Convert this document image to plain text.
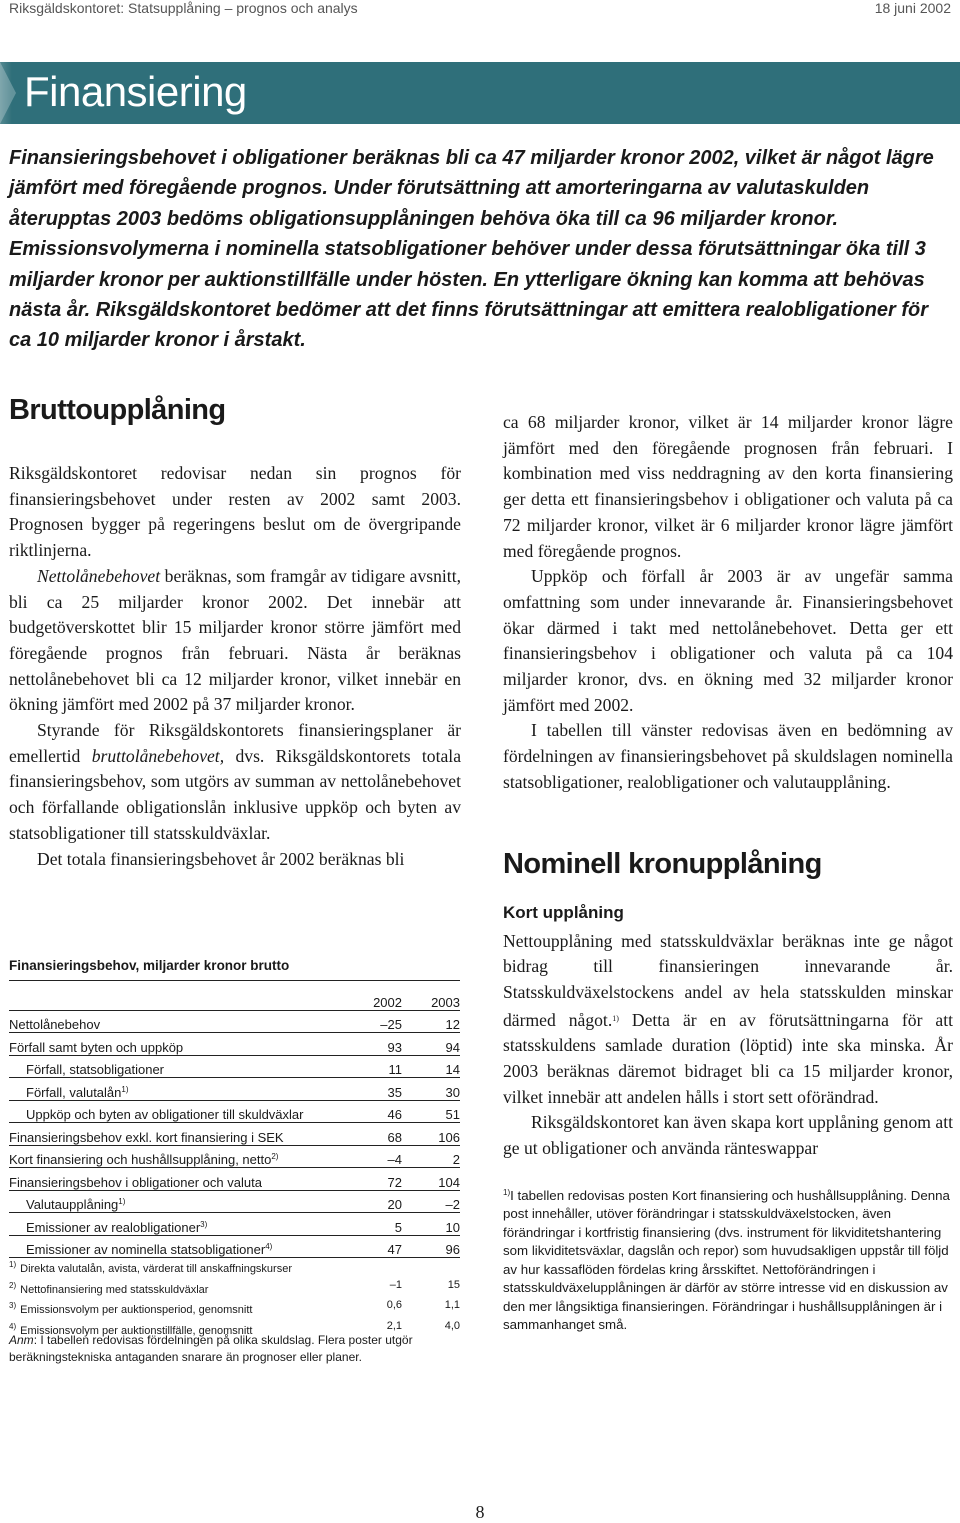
Riksgäldskontoret: Statsupplåning – prognos och analys	18 juni 2002
Finansiering

Finansieringsbehovet i obligationer beräknas bli ca 47 miljarder kronor 2002, vilket är något lägre jämfört med föregående prognos. Under förutsättning att amorteringarna av valutaskulden återupptas 2003 bedöms obligationsupplåningen behöva öka till ca 96 miljarder kronor. Emissionsvolymerna i nominella statsobligationer behöver under dessa förutsättningar öka till 3 miljarder kronor per auktionstillfälle under hösten. En ytterligare ökning kan komma att behövas nästa år. Riksgäldskontoret bedömer att det finns förutsättningar att emittera realobligationer för ca 10 miljarder kronor i årstakt.

Bruttoupplåning

Riksgäldskontoret redovisar nedan sin prognos för finansieringsbehovet under resten av 2002 samt 2003. Prognosen bygger på regeringens beslut om de övergripande riktlinjerna.

Nettolånebehovet beräknas, som framgår av tidigare avsnitt, bli ca 25 miljarder kronor 2002. Det innebär att budgetöverskottet blir 15 miljarder kronor större jämfört med föregående prognos från februari. Nästa år beräknas nettolånebehovet bli ca 12 miljarder kronor, vilket innebär en ökning jämfört med 2002 på 37 miljarder kronor.

Styrande för Riksgäldskontorets finansieringsplaner är emellertid bruttolånebehovet, dvs. Riksgäldskontorets totala finansieringsbehov, som utgörs av summan av nettolånebehovet och förfallande obligationslån inklusive uppköp och byten av statsobligationer till statsskuldväxlar.

Det totala finansieringsbehovet år 2002 beräknas bli

Finansieringsbehov, miljarder kronor brutto
	2002	2003
Nettolånebehov	–25	12
Förfall samt byten och uppköp	93	94
Förfall, statsobligationer	11	14
Förfall, valutalån$^{1)}$	35	30
Uppköp och byten av obligationer till skuldväxlar	46	51
Finansieringsbehov exkl. kort finansiering i SEK	68	106
Kort finansiering och hushållsupplåning, netto$^{2)}$	–4	2
Finansieringsbehov i obligationer och valuta	72	104
Valutaupplåning$^{1)}$	20	–2
Emissioner av realobligationer$^{3)}$	5	10
Emissioner av nominella statsobligationer$^{4)}$	47	96
$^{1)}$ Direkta valutalån, avista, värderat till anskaffningskurser
$^{2)}$ Nettofinansiering med statsskuldväxlar	–1	15
$^{3)}$ Emissionsvolym per auktionsperiod, genomsnitt	0,6	1,1
$^{4)}$ Emissionsvolym per auktionstillfälle, genomsnitt	2,1	4,0
Anm: I tabellen redovisas fördelningen på olika skuldslag. Flera poster utgör beräkningstekniska antaganden snarare än prognoser eller planer.

ca 68 miljarder kronor, vilket är 14 miljarder kronor lägre jämfört med den föregående prognosen från februari. I kombination med viss neddragning av den korta finansiering ger detta ett finansieringsbehov i obligationer och valuta på ca 72 miljarder kronor, vilket är 6 miljarder kronor lägre jämfört med föregående prognos.

Uppköp och förfall år 2003 är av ungefär samma omfattning som under innevarande år. Finansieringsbehovet ökar därmed i takt med nettolånebehovet. Detta ger ett finansieringsbehov i obligationer och valuta på ca 104 miljarder kronor, dvs. en ökning med 32 miljarder kronor jämfört med 2002.

I tabellen till vänster redovisas även en bedömning av fördelningen av finansieringsbehovet på skuldslagen nominella statsobligationer, realobligationer och valutaupplåning.

Nominell kronupplåning
Kort upplåning

Nettoupplåning med statsskuldväxlar beräknas inte ge något bidrag till finansieringen innevarande år. Statsskuldväxelstockens andel av hela statsskulden minskar därmed något.$^{1)}$ Detta är en av förutsättningarna för att statsskuldens samlade duration (löptid) inte ska minska. År 2003 beräknas däremot bidraget bli ca 15 miljarder kronor, vilket innebär att andelen hålls i stort sett oförändrad.

Riksgäldskontoret kan även skapa kort upplåning genom att ge ut obligationer och använda ränteswappar

$^{1)}$I tabellen redovisas posten Kort finansiering och hushållsupplåning. Denna post innehåller, utöver förändringar i statsskuldväxelstocken, även förändringar i kortfristig finansiering (dvs. instrument för likviditetshantering som likviditetsväxlar, dagslån och repor) som huvudsakligen uppstår till följd av hur kassaflöden fördelas kring årsskiftet. Nettoförändringen i statsskuldväxelupplåningen är därför av större intresse vid en diskussion av den mer långsiktiga finansieringen. Förändringar i hushållsupplåningen är i sammanhanget små.

8
